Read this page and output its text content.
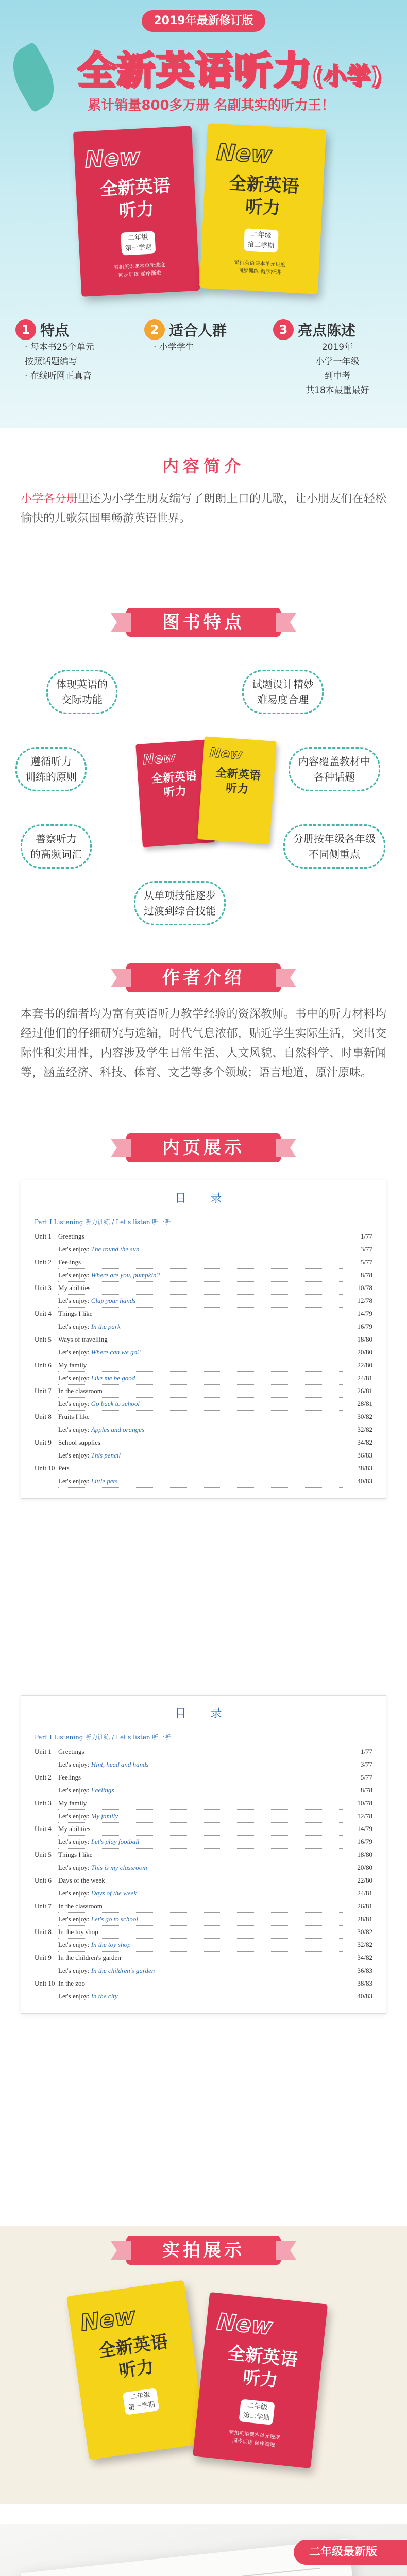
2019年最新修订版
全新英语听力(小学)
累计销量800多万册 名副其实的听力王！
New
全新英语
听力
二年级
第一学期
紧扣英语课本单元进度
同步训练 循序渐进
New
全新英语
听力
二年级
第二学期
紧扣英语课本单元进度
同步训练 循序渐进
1 特点
· 每本书25个单元
按照话题编写
· 在线听网正真音
2 适合人群
· 小学学生
3 亮点陈述
2019年
小学一年级
到中考
共18本最重最好
内容简介

小学各分册里还为小学生朋友编写了朗朗上口的儿歌，让小朋友们在轻松愉快的儿歌氛围里畅游英语世界。

图书特点
体现英语的
交际功能
试题设计精妙
难易度合理
遵循听力
训练的原则
内容覆盖教材中
各种话题
善察听力
的高频词汇
分册按年级各年级
不同侧重点
从单项技能逐步
过渡到综合技能
New
全新英语
听力
New
全新英语
听力
作者介绍

本套书的编者均为富有英语听力教学经验的资深教师。书中的听力材料均经过他们的仔细研究与选编，时代气息浓郁，贴近学生实际生活，突出交际性和实用性，内容涉及学生日常生活、人文风貌、自然科学、时事新闻等，涵盖经济、科技、体育、文艺等多个领域；语言地道，原汁原味。

内页展示
目 录
Part I Listening 听力训练 / Let's listen 听一听
Unit 1	Greetings	1/77
Let's enjoy: The round the sun	3/77
Unit 2	Feelings	5/77
Let's enjoy: Where are you, pumpkin?	8/78
Unit 3	My abilities	10/78
Let's enjoy: Clap your hands	12/78
Unit 4	Things I like	14/79
Let's enjoy: In the park	16/79
Unit 5	Ways of travelling	18/80
Let's enjoy: Where can we go?	20/80
Unit 6	My family	22/80
Let's enjoy: Like me be good	24/81
Unit 7	In the classroom	26/81
Let's enjoy: Go back to school	28/81
Unit 8	Fruits I like	30/82
Let's enjoy: Apples and oranges	32/82
Unit 9	School supplies	34/82
Let's enjoy: This pencil	36/83
Unit 10 Pets	38/83
Let's enjoy: Little pets	40/83
目 录
Part I Listening 听力训练 / Let's listen 听一听
Unit 1	Greetings	1/77
Let's enjoy: Hint, head and hands	3/77
Unit 2	Feelings	5/77
Let's enjoy: Feelings	8/78
Unit 3	My family	10/78
Let's enjoy: My family	12/78
Unit 4	My abilities	14/79
Let's enjoy: Let's play football	16/79
Unit 5	Things I like	18/80
Let's enjoy: This is my classroom	20/80
Unit 6	Days of the week	22/80
Let's enjoy: Days of the week	24/81
Unit 7	In the classroom	26/81
Let's enjoy: Let's go to school	28/81
Unit 8	In the toy shop	30/82
Let's enjoy: In the toy shop	32/82
Unit 9	In the children's garden	34/82
Let's enjoy: In the children's garden	36/83
Unit 10 In the zoo	38/83
Let's enjoy: In the city	40/83
实拍展示
New
全新英语
听力
二年级
第一学期
New
全新英语
听力
二年级
第二学期
紧扣英语课本单元进度
同步训练 循序渐进
二年级最新版
